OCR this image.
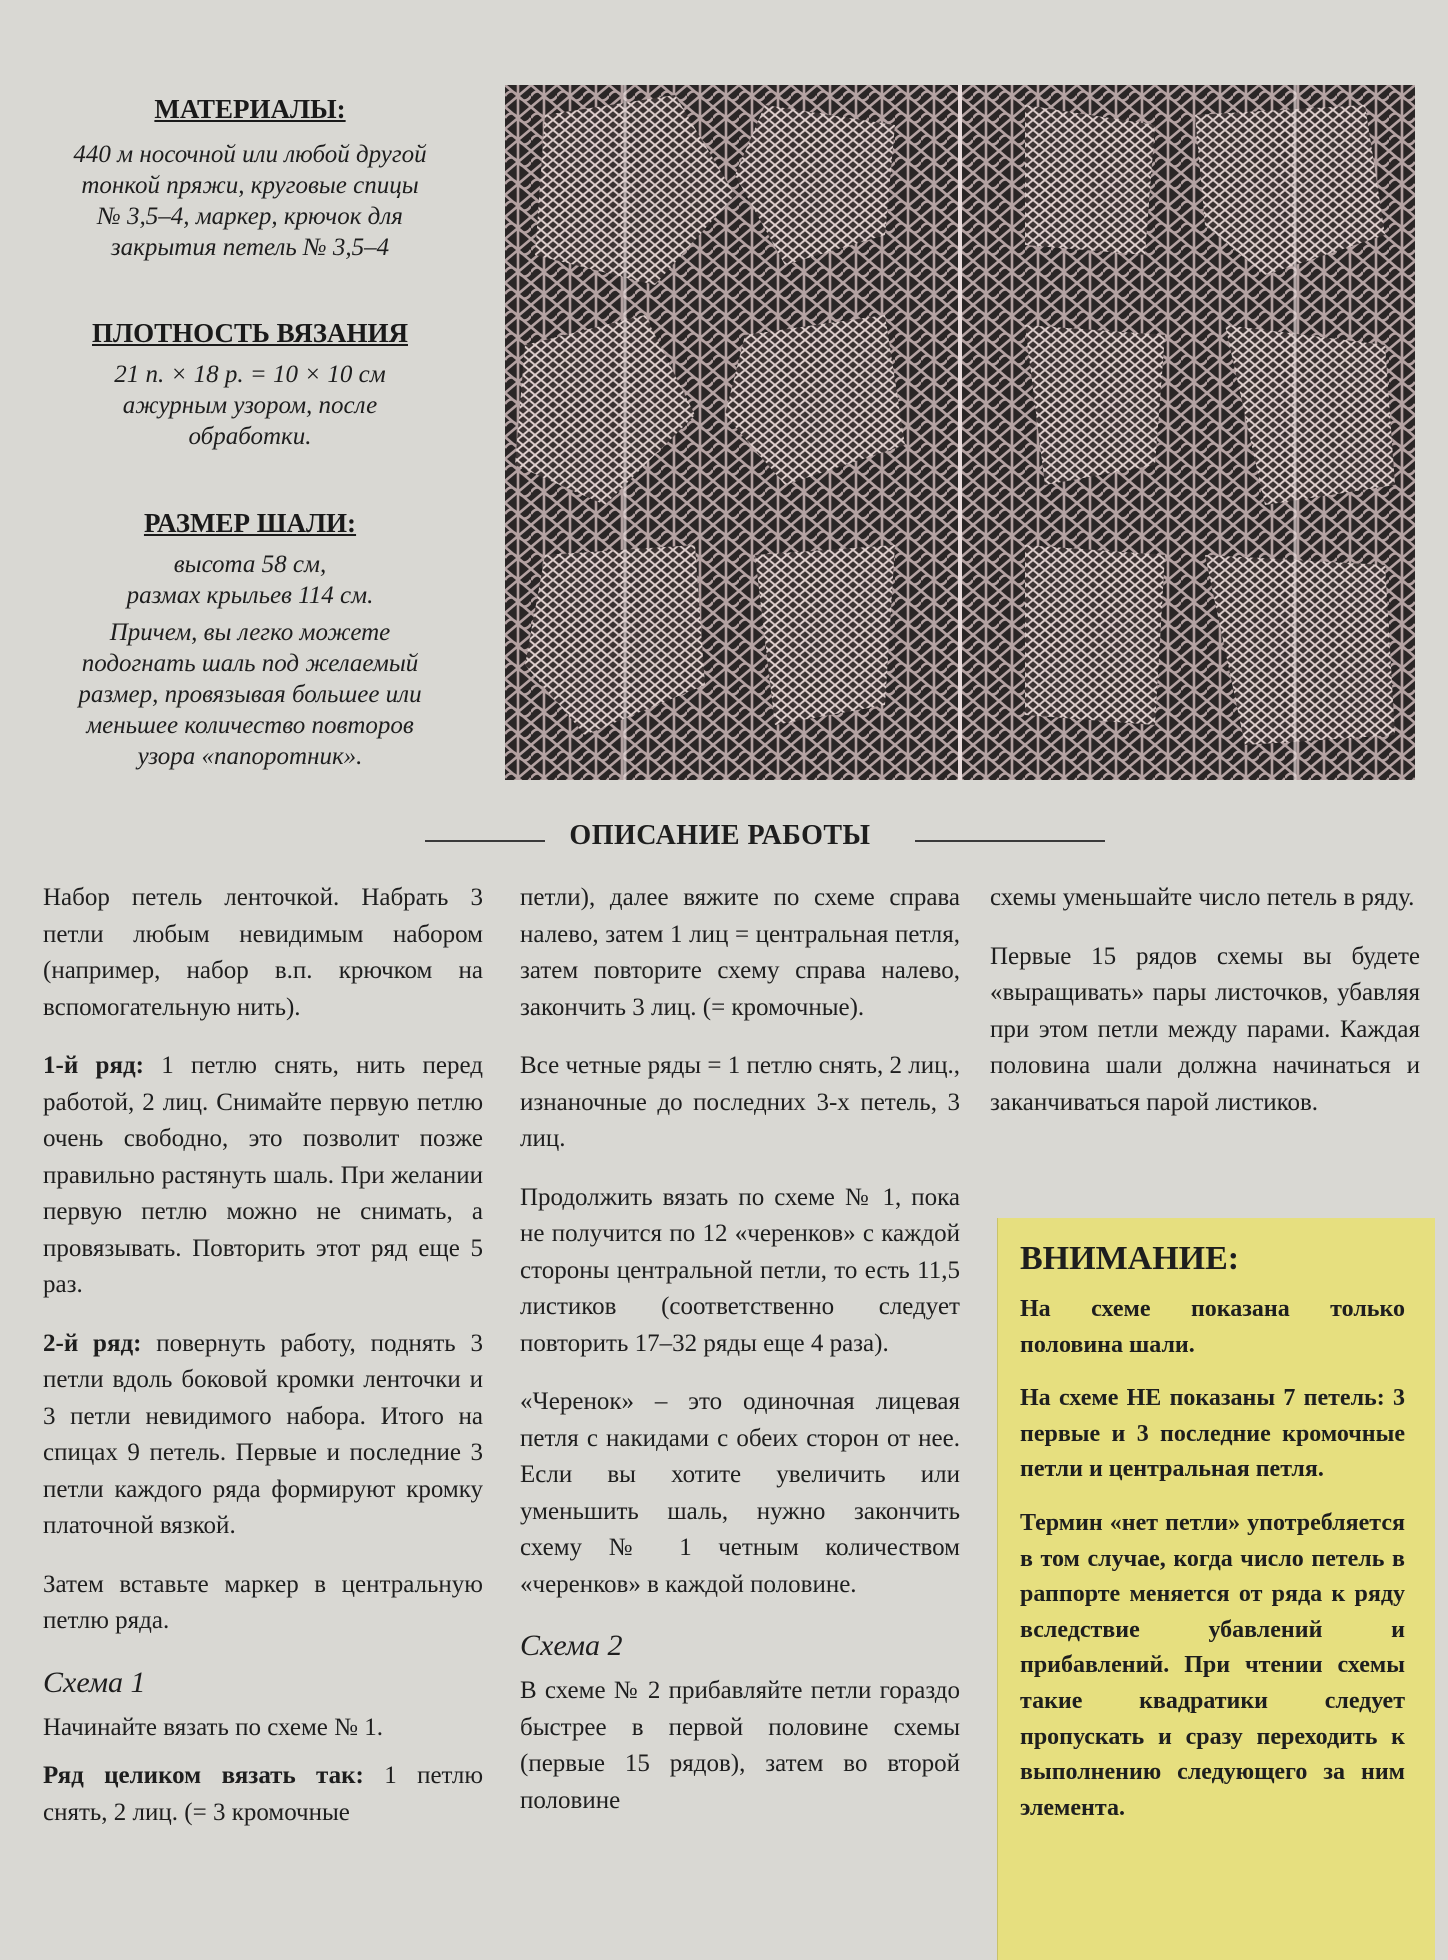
МАТЕРИАЛЫ:

440 м носочной или любой другой

тонкой пряжи, круговые спицы

№ 3,5–4, маркер, крючок для

закрытия петель № 3,5–4

ПЛОТНОСТЬ ВЯЗАНИЯ

21 п. × 18 р. = 10 × 10 см

ажурным узором, после

обработки.

РАЗМЕР ШАЛИ:

высота 58 см,

размах крыльев 114 см.

Причем, вы легко можете

подогнать шаль под желаемый

размер, провязывая большее или

меньшее количество повторов

узора «папоротник».

ОПИСАНИЕ РАБОТЫ

Набор петель ленточкой. Набрать 3 петли любым невидимым набором (например, набор в.п. крючком на вспомогательную нить).

1-й ряд: 1 петлю снять, нить перед работой, 2 лиц. Снимайте первую петлю очень свободно, это позволит позже правильно растянуть шаль. При желании первую петлю можно не снимать, а провязывать. Повторить этот ряд еще 5 раз.

2-й ряд: повернуть работу, поднять 3 петли вдоль боковой кромки ленточки и 3 петли невидимого набора. Итого на спицах 9 петель. Первые и последние 3 петли каждого ряда формируют кромку платочной вязкой.

Затем вставьте маркер в центральную петлю ряда.

Схема 1

Начинайте вязать по схеме № 1.

Ряд целиком вязать так: 1 петлю снять, 2 лиц. (= 3 кромочные

петли), далее вяжите по схеме справа налево, затем 1 лиц = центральная петля, затем повторите схему справа налево, закончить 3 лиц. (= кромочные).

Все четные ряды = 1 петлю снять, 2 лиц., изнаночные до последних 3-х петель, 3 лиц.

Продолжить вязать по схеме № 1, пока не получится по 12 «черенков» с каждой стороны центральной петли, то есть 11,5 листиков (соответственно следует повторить 17–32 ряды еще 4 раза).

«Черенок» – это одиночная лицевая петля с накидами с обеих сторон от нее. Если вы хотите увеличить или уменьшить шаль, нужно закончить схему № 1 четным количеством «черенков» в каждой половине.

Схема 2

В схеме № 2 прибавляйте петли гораздо быстрее в первой половине схемы (первые 15 рядов), затем во второй половине

схемы уменьшайте число петель в ряду.

Первые 15 рядов схемы вы будете «выращивать» пары листочков, убавляя при этом петли между парами. Каждая половина шали должна начинаться и заканчиваться парой листиков.

ВНИМАНИЕ:

На схеме показана только половина шали.

На схеме НЕ показаны 7 петель: 3 первые и 3 последние кромочные петли и центральная петля.

Термин «нет петли» употребляется в том случае, когда число петель в раппорте меняется от ряда к ряду вследствие убавлений и прибавлений. При чтении схемы такие квадратики следует пропускать и сразу переходить к выполнению следующего за ним элемента.
